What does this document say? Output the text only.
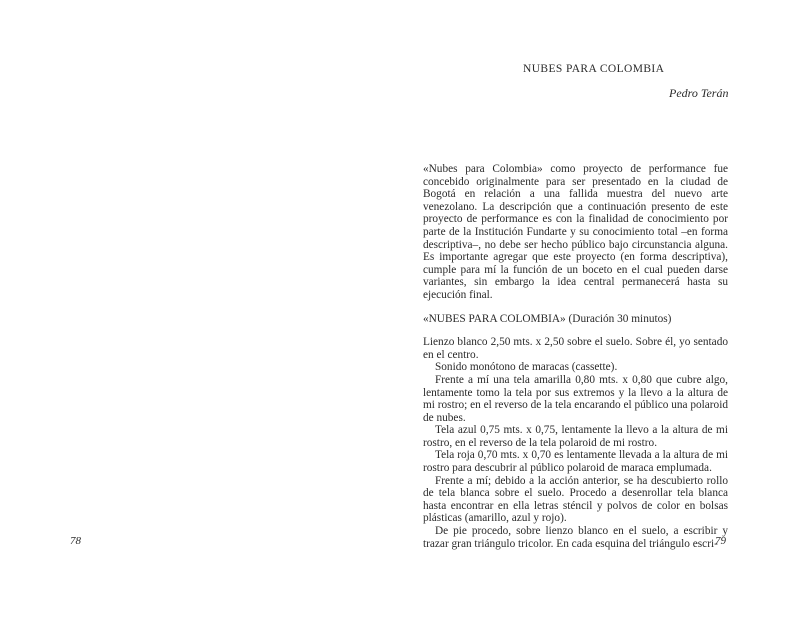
78
NUBES PARA COLOMBIA
Pedro Terán

«Nubes para Colombia» como proyecto de performance fue concebido originalmente para ser presentado en la ciudad de Bogotá en relación a una fallida muestra del nuevo arte venezolano. La descripción que a continuación presento de este proyecto de performance es con la finalidad de conocimiento por parte de la Institución Fundarte y su conocimiento total –en forma descriptiva–, no debe ser hecho público bajo circunstancia alguna. Es importante agregar que este proyecto (en forma descriptiva), cumple para mí la función de un boceto en el cual pueden darse variantes, sin embargo la idea central permanecerá hasta su ejecución final.

«NUBES PARA COLOMBIA» (Duración 30 minutos)

Lienzo blanco 2,50 mts. x 2,50 sobre el suelo. Sobre él, yo sentado en el centro.

Sonido monótono de maracas (cassette).

Frente a mí una tela amarilla 0,80 mts. x 0,80 que cubre algo, lentamente tomo la tela por sus extremos y la llevo a la altura de mi rostro; en el reverso de la tela encarando el público una polaroid de nubes.

Tela azul 0,75 mts. x 0,75, lentamente la llevo a la altura de mi rostro, en el reverso de la tela polaroid de mi rostro.

Tela roja 0,70 mts. x 0,70 es lentamente llevada a la altura de mi rostro para descubrir al público polaroid de maraca emplumada.

Frente a mí; debido a la acción anterior, se ha descubierto rollo de tela blanca sobre el suelo. Procedo a desenrollar tela blanca hasta encontrar en ella letras sténcil y polvos de color en bolsas plásticas (amarillo, azul y rojo).

De pie procedo, sobre lienzo blanco en el suelo, a escribir y trazar gran triángulo tricolor. En cada esquina del triángulo escri-

79
